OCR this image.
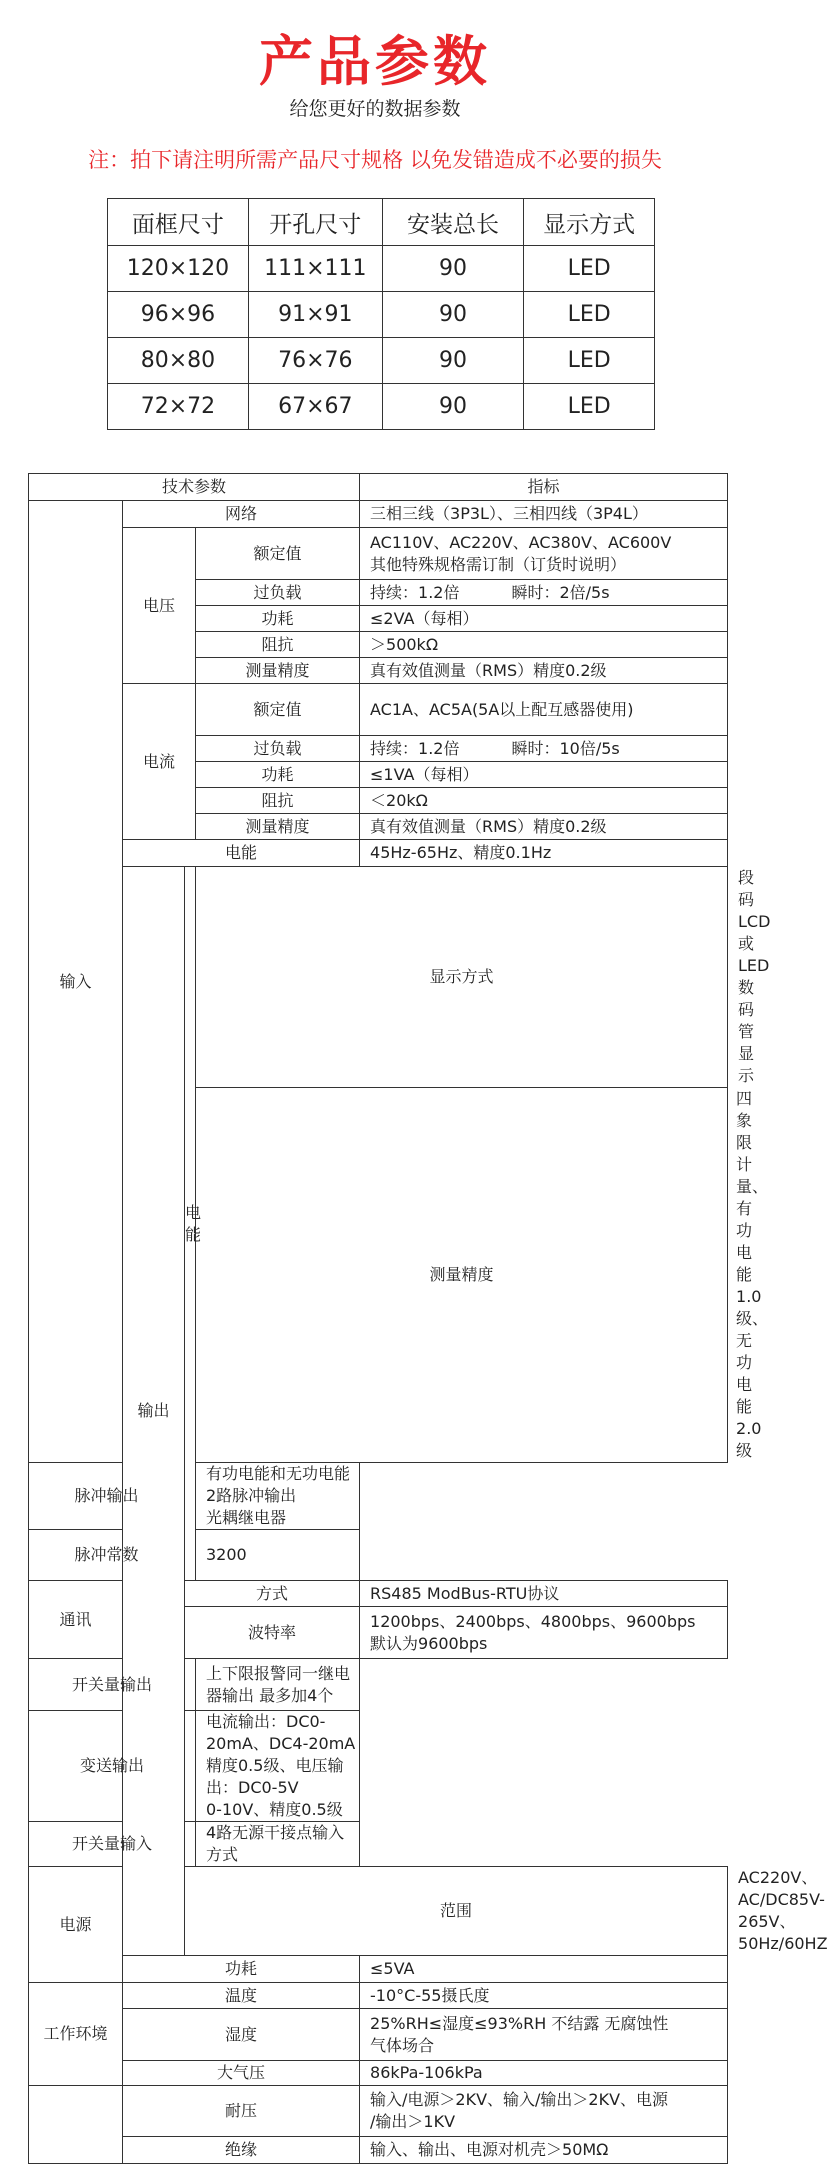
产品参数
给您更好的数据参数
注：拍下请注明所需产品尺寸规格 以免发错造成不必要的损失
面框尺寸	开孔尺寸	安装总长	显示方式
120×120	111×111	90	LED
96×96	91×91	90	LED
80×80	76×76	90	LED
72×72	67×67	90	LED
技术参数				指标	
输入	网络			三相三线（3P3L）、三相四线（3P4L）	
	电压		额定值	AC110V、AC220V、AC380V、AC600V
其他特殊规格需订制（订货时说明）	

			过负载	持续：1.2倍 瞬时：2倍/5s	
			功耗	≤2VA（每相）	
			阻抗	＞500kΩ	
			测量精度	真有效值测量（RMS）精度0.2级	
	电流		额定值	AC1A、AC5A(5A以上配互感器使用)	
			过负载	持续：1.2倍 瞬时：10倍/5s	
			功耗	≤1VA（每相）	
			阻抗	＜20kΩ	
			测量精度	真有效值测量（RMS）精度0.2级	
	电能			45Hz-65Hz、精度0.1Hz	
	输出	电能	显示方式		段码LCD或LED数码管显示
			测量精度		四象限计量、有功电能1.0级、无功电能2.0级
脉冲输出			有功电能和无功电能2路脉冲输出
光耦继电器		

脉冲常数			3200		
通讯		方式		RS485 ModBus-RTU协议	
		波特率		1200bps、2400bps、4800bps、9600bps
默认为9600bps	

开关量输出			上下限报警同一继电器输出 最多加4个		
变送输出			电流输出：DC0-20mA、DC4-20mA
精度0.5级、电压输出：DC0-5V
0-10V、精度0.5级		

开关量输入			4路无源干接点输入方式		
电源		范围			AC220V、AC/DC85V-265V、50Hz/60HZ
	功耗			≤5VA	
工作环境	温度			-10°C-55摄氏度	
	湿度			25%RH≤湿度≤93%RH 不结露 无腐蚀性
气体场合	

	大气压			86kPa-106kPa	
	耐压			输入/电源＞2KV、输入/输出＞2KV、电源
/输出＞1KV	

	绝缘			输入、输出、电源对机壳＞50MΩ	
